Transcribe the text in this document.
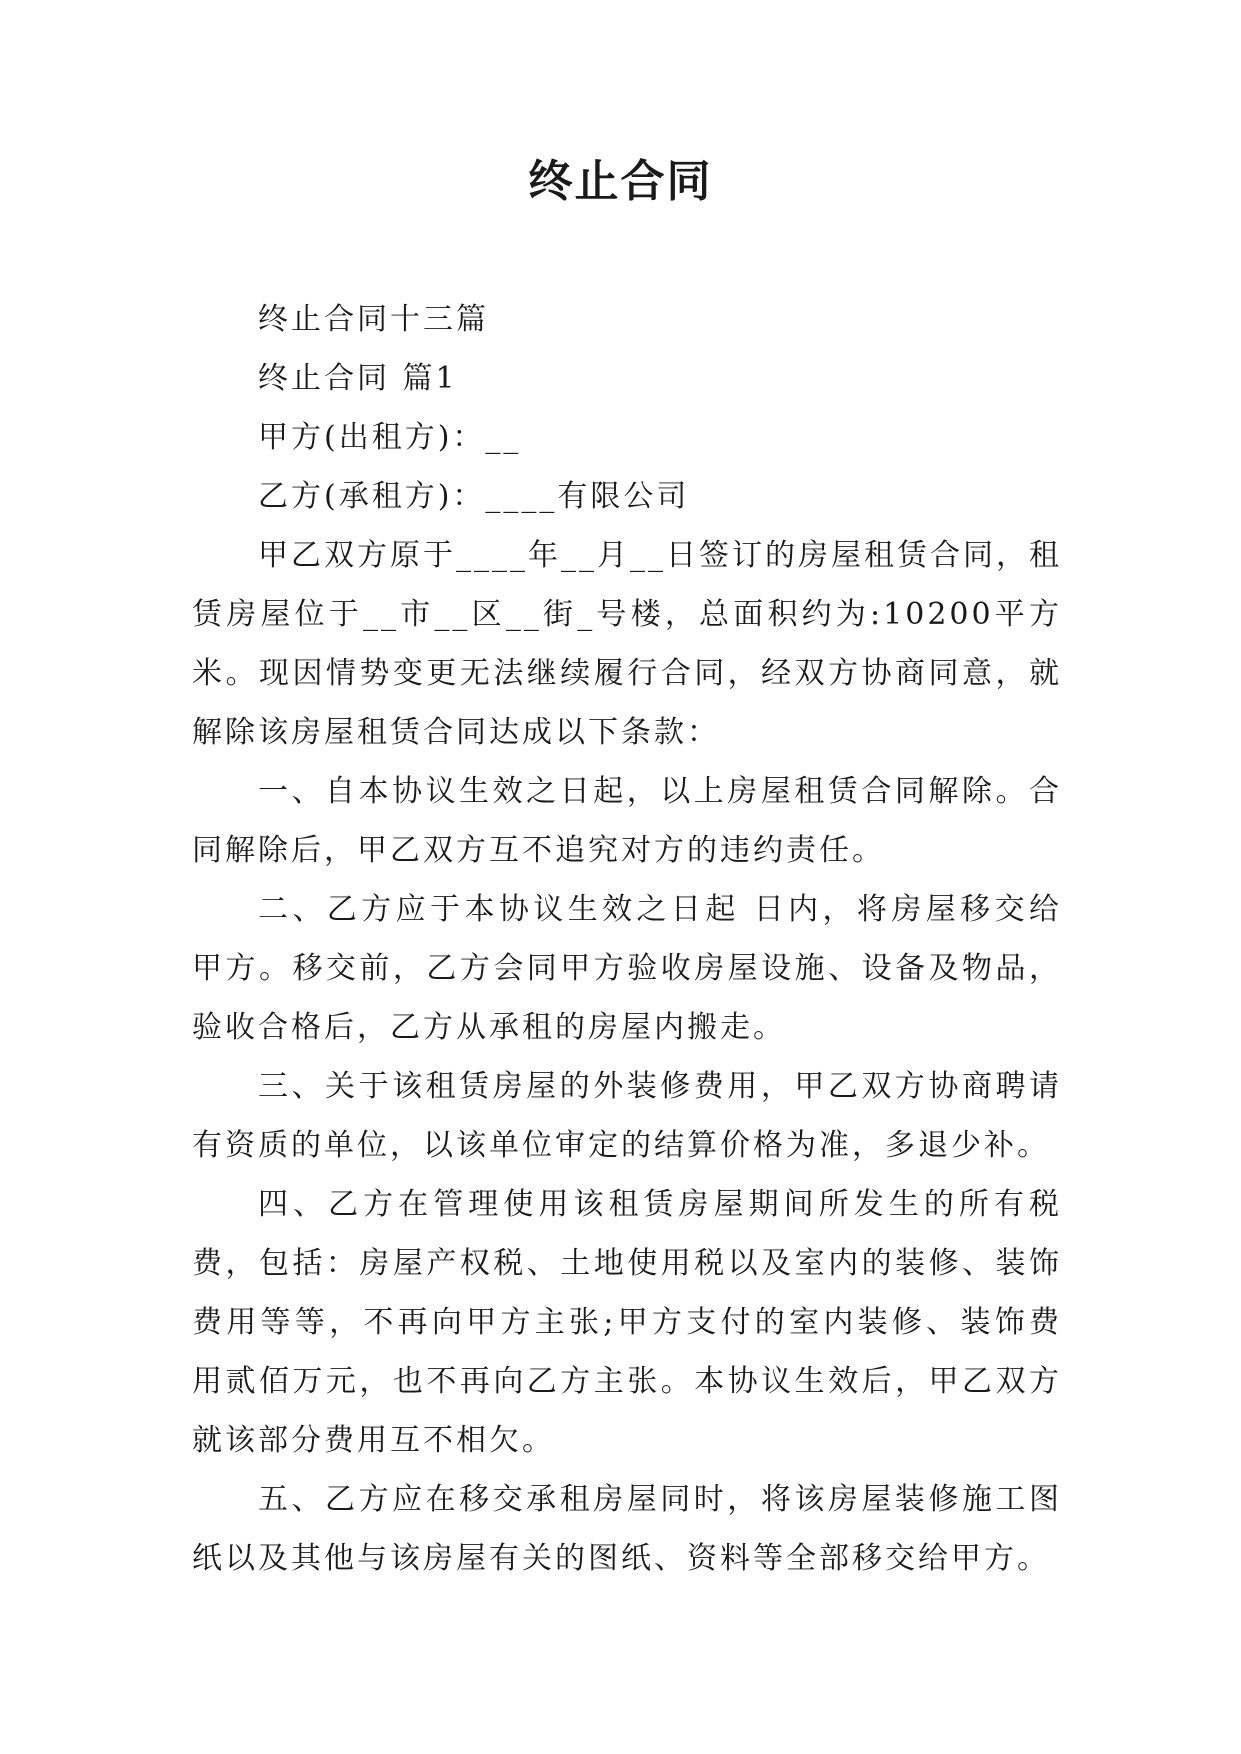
终止合同

终止合同十三篇

终止合同 篇1

甲方(出租方)：__

乙方(承租方)：____有限公司

甲乙双方原于____年__月__日签订的房屋租赁合同，租赁房屋位于__市__区__街_号楼，总面积约为:10200平方米。现因情势变更无法继续履行合同，经双方协商同意，就解除该房屋租赁合同达成以下条款：

一、自本协议生效之日起，以上房屋租赁合同解除。合同解除后，甲乙双方互不追究对方的违约责任。

二、乙方应于本协议生效之日起 日内，将房屋移交给甲方。移交前，乙方会同甲方验收房屋设施、设备及物品，验收合格后，乙方从承租的房屋内搬走。

三、关于该租赁房屋的外装修费用，甲乙双方协商聘请有资质的单位，以该单位审定的结算价格为准，多退少补。

四、乙方在管理使用该租赁房屋期间所发生的所有税费，包括：房屋产权税、土地使用税以及室内的装修、装饰费用等等，不再向甲方主张;甲方支付的室内装修、装饰费用贰佰万元，也不再向乙方主张。本协议生效后，甲乙双方就该部分费用互不相欠。

五、乙方应在移交承租房屋同时，将该房屋装修施工图纸以及其他与该房屋有关的图纸、资料等全部移交给甲方。
